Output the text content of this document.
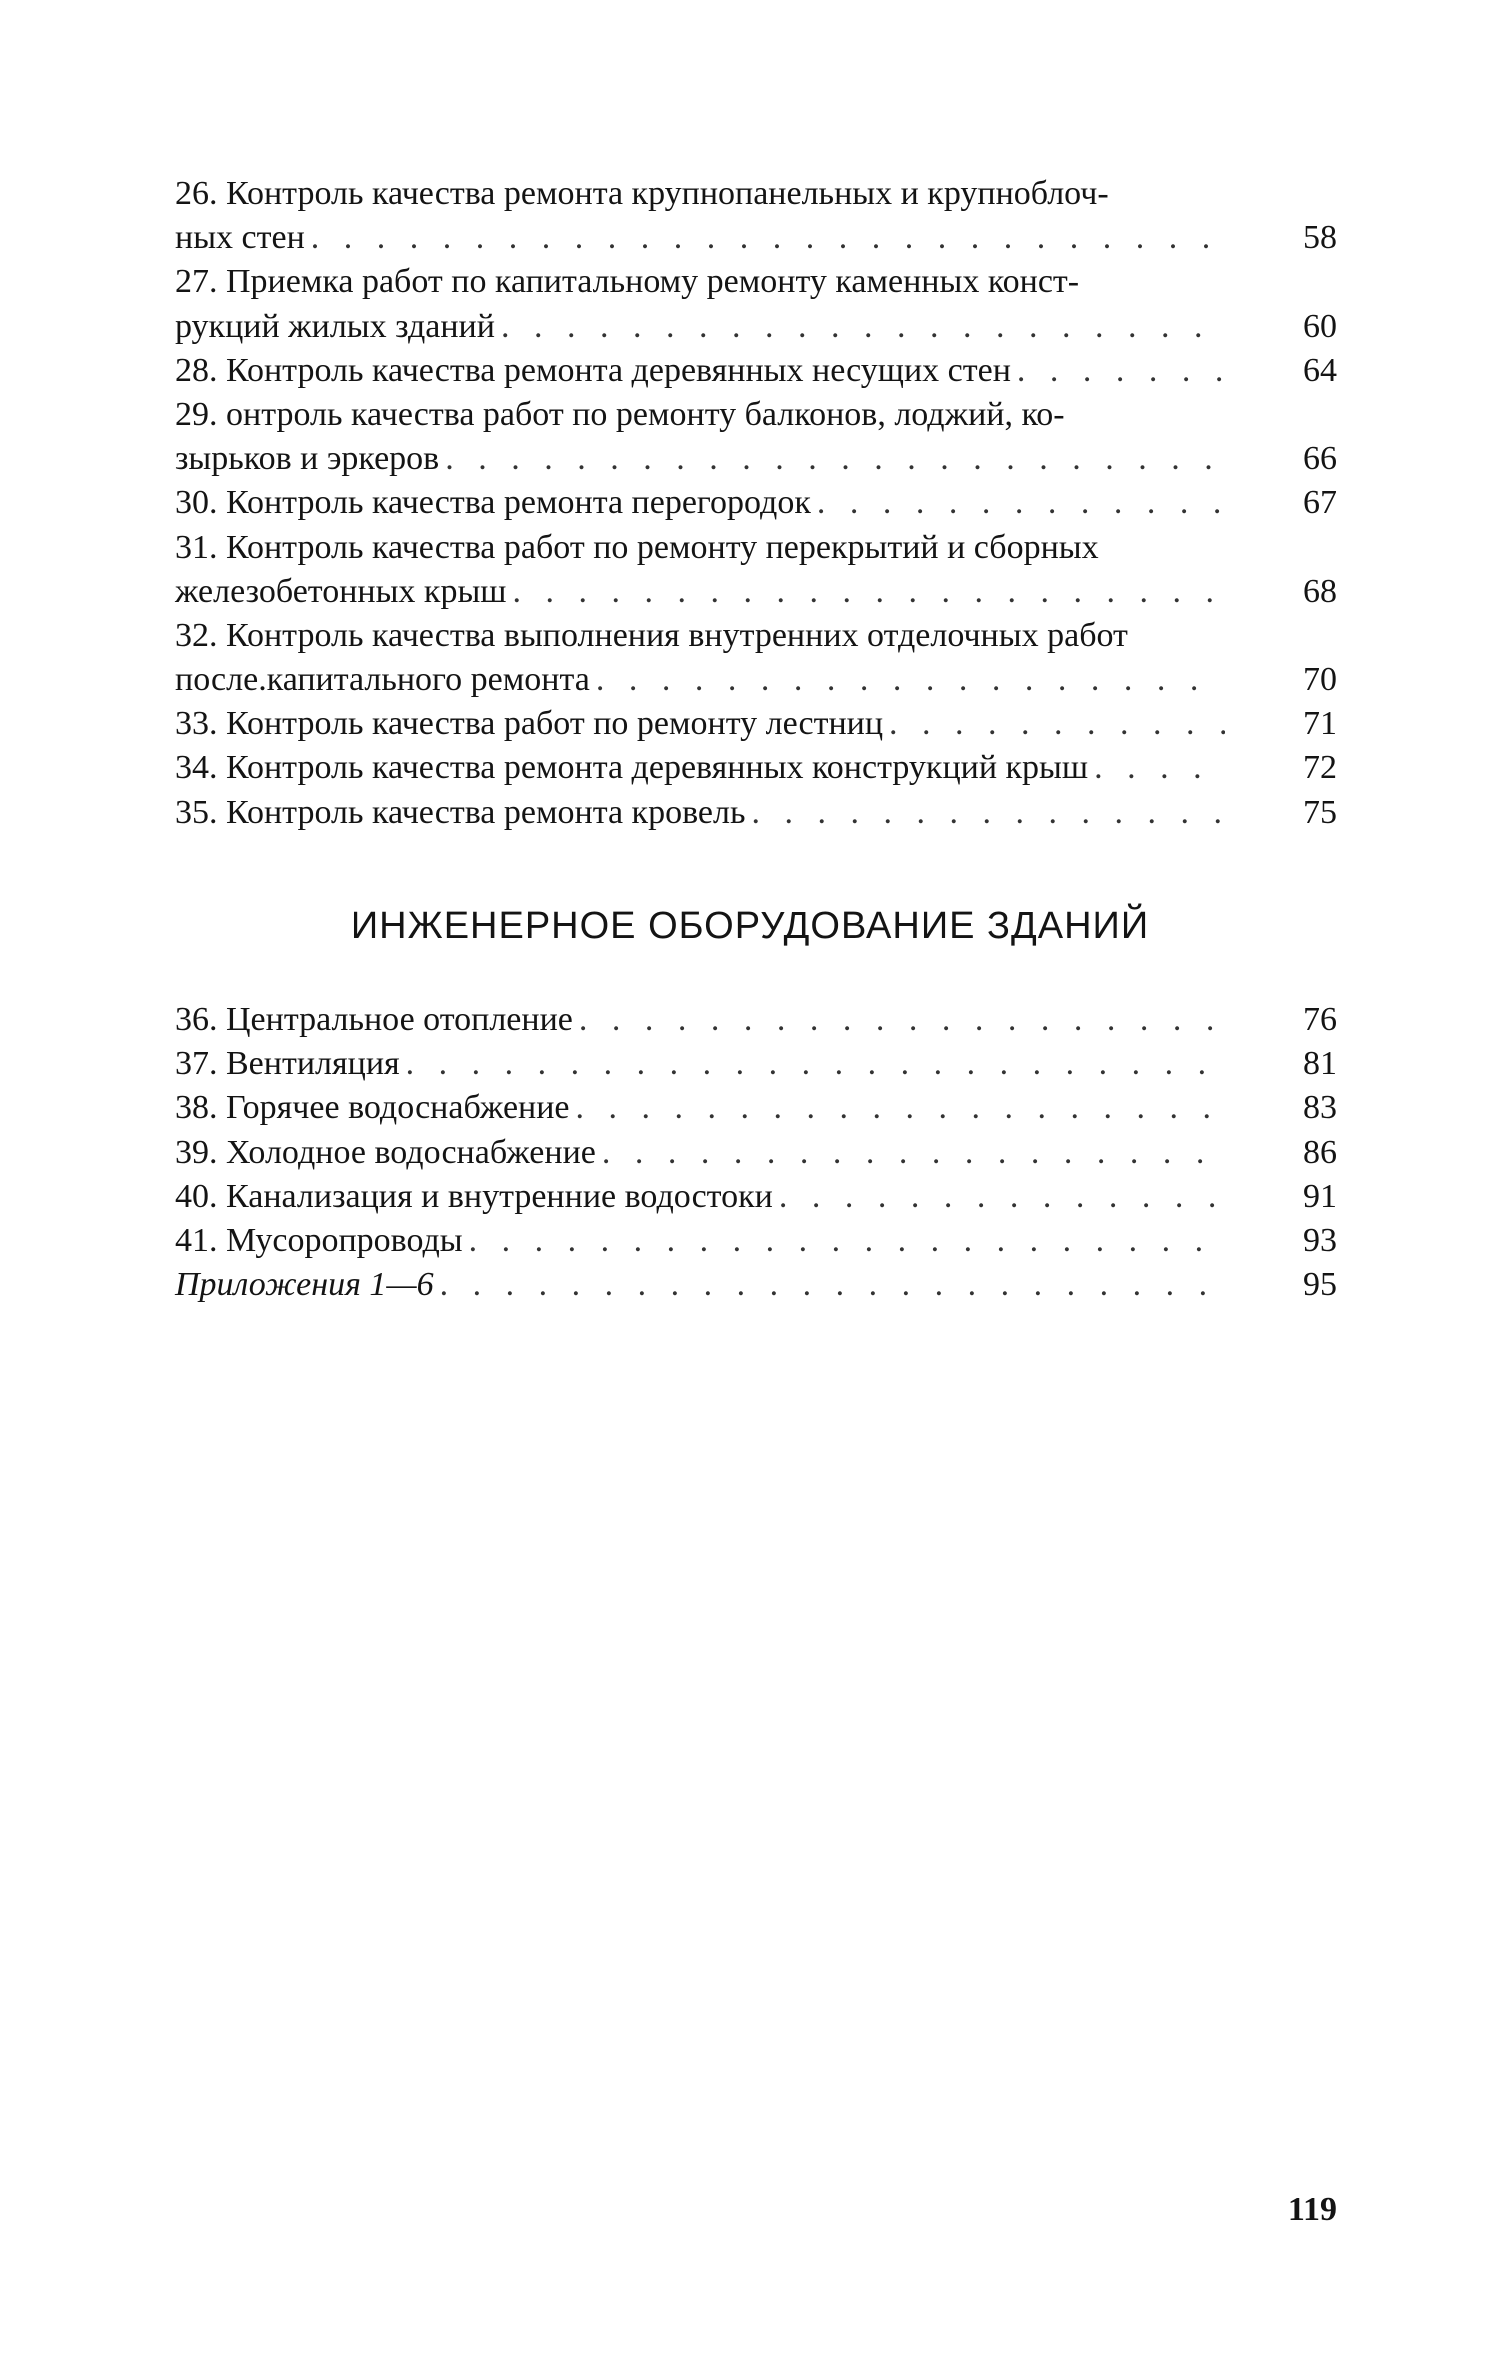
26. Контроль качества ремонта крупнопанельных и крупноблоч-
ных стен . . .	58
27. Приемка работ по капитальному ремонту каменных конст-
рукций жилых зданий . . .	60
28. Контроль качества ремонта деревянных несущих стен . . .	64
29. онтроль качества работ по ремонту балконов, лоджий, ко-
зырьков и эркеров . . .	66
30. Контроль качества ремонта перегородок . . .	67
31. Контроль качества работ по ремонту перекрытий и сборных
железобетонных крыш . . .	68
32. Контроль качества выполнения внутренних отделочных работ
после.капитального ремонта . . .	70
33. Контроль качества работ по ремонту лестниц . . .	71
34. Контроль качества ремонта деревянных конструкций крыш . . .	72
35. Контроль качества ремонта кровель . . .	75
ИНЖЕНЕРНОЕ ОБОРУДОВАНИЕ ЗДАНИЙ
36. Центральное отопление . . .	76
37. Вентиляция . . .	81
38. Горячее водоснабжение . . .	83
39. Холодное водоснабжение . . .	86
40. Канализация и внутренние водостоки . . .	91
41. Мусоропроводы . . .	93
Приложения 1—6 . . .	95
119
